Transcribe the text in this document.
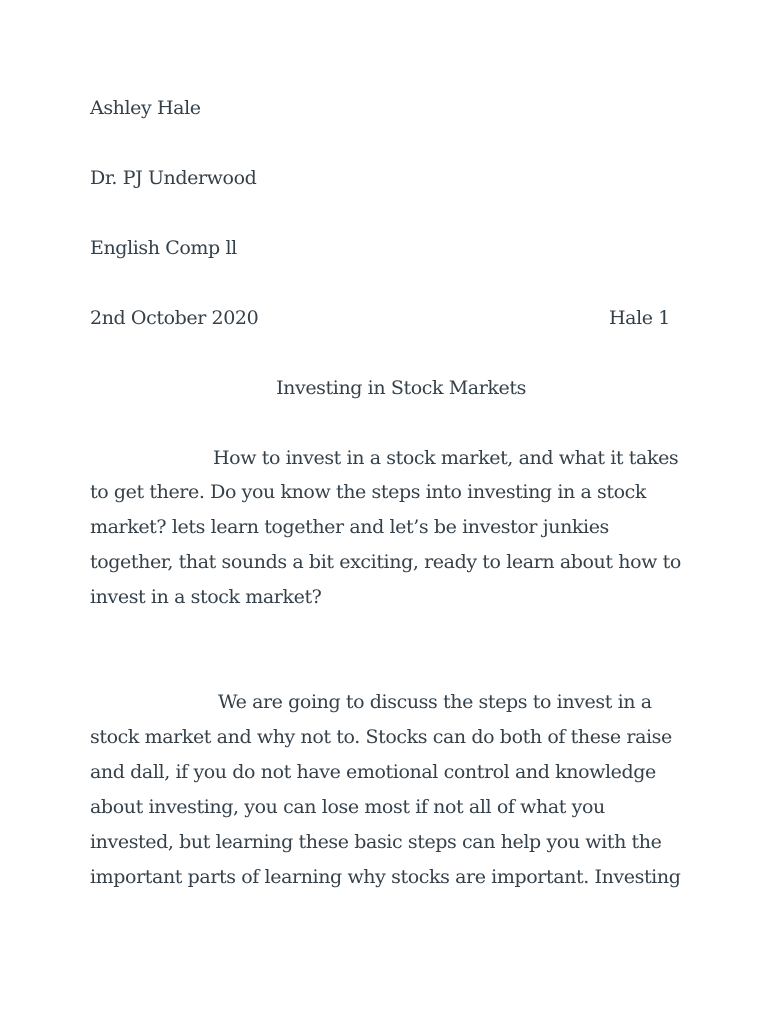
Ashley Hale
Dr. PJ Underwood
English Comp ll
2nd October 2020	Hale 1
Investing in Stock Markets
How to invest in a stock market, and what it takes
to get there. Do you know the steps into investing in a stock
market? lets learn together and let’s be investor junkies
together, that sounds a bit exciting, ready to learn about how to
invest in a stock market?
We are going to discuss the steps to invest in a
stock market and why not to. Stocks can do both of these raise
and dall, if you do not have emotional control and knowledge
about investing, you can lose most if not all of what you
invested, but learning these basic steps can help you with the
important parts of learning why stocks are important. Investing
